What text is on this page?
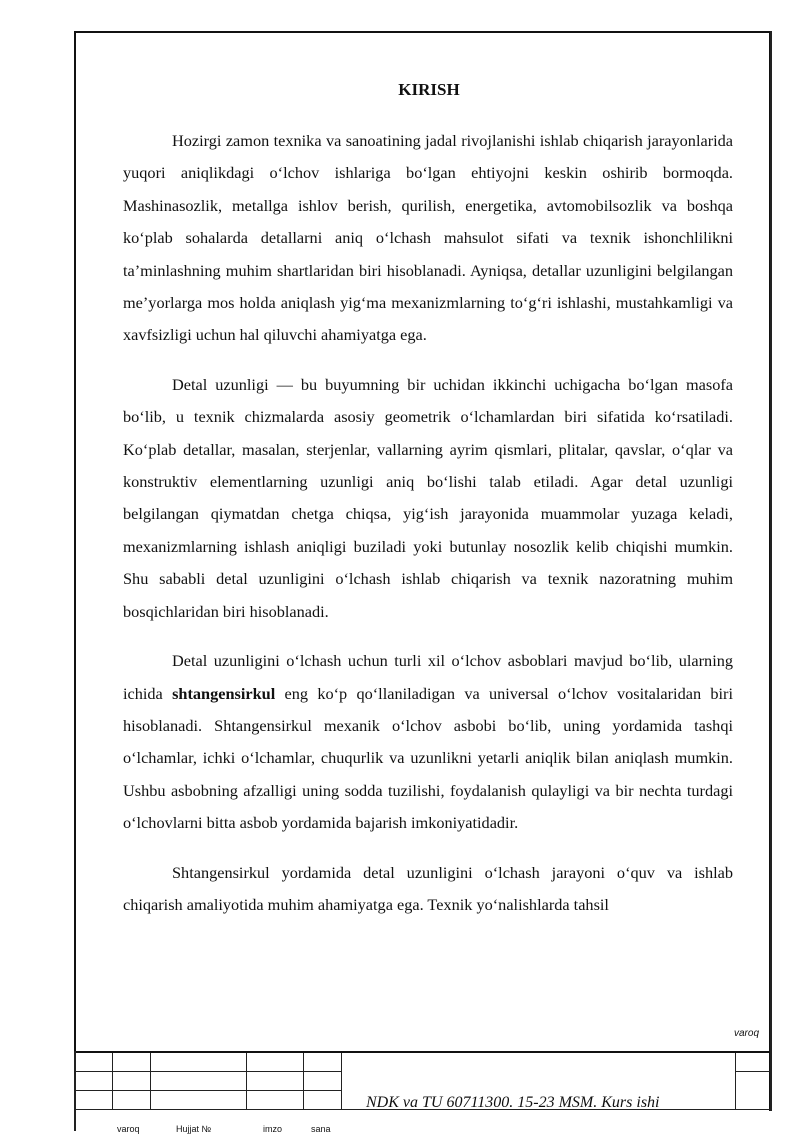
KIRISH

Hozirgi zamon texnika va sanoatining jadal rivojlanishi ishlab chiqarish jarayonlarida yuqori aniqlikdagi o‘lchov ishlariga bo‘lgan ehtiyojni keskin oshirib bormoqda. Mashinasozlik, metallga ishlov berish, qurilish, energetika, avtomobilsozlik va boshqa ko‘plab sohalarda detallarni aniq o‘lchash mahsulot sifati va texnik ishonchlilikni ta’minlashning muhim shartlaridan biri hisoblanadi. Ayniqsa, detallar uzunligini belgilangan me’yorlarga mos holda aniqlash yig‘ma mexanizmlarning to‘g‘ri ishlashi, mustahkamligi va xavfsizligi uchun hal qiluvchi ahamiyatga ega.

Detal uzunligi — bu buyumning bir uchidan ikkinchi uchigacha bo‘lgan masofa bo‘lib, u texnik chizmalarda asosiy geometrik o‘lchamlardan biri sifatida ko‘rsatiladi. Ko‘plab detallar, masalan, sterjenlar, vallarning ayrim qismlari, plitalar, qavslar, o‘qlar va konstruktiv elementlarning uzunligi aniq bo‘lishi talab etiladi. Agar detal uzunligi belgilangan qiymatdan chetga chiqsa, yig‘ish jarayonida muammolar yuzaga keladi, mexanizmlarning ishlash aniqligi buziladi yoki butunlay nosozlik kelib chiqishi mumkin. Shu sababli detal uzunligini o‘lchash ishlab chiqarish va texnik nazoratning muhim bosqichlaridan biri hisoblanadi.

Detal uzunligini o‘lchash uchun turli xil o‘lchov asboblari mavjud bo‘lib, ularning ichida shtangensirkul eng ko‘p qo‘llaniladigan va universal o‘lchov vositalaridan biri hisoblanadi. Shtangensirkul mexanik o‘lchov asbobi bo‘lib, uning yordamida tashqi o‘lchamlar, ichki o‘lchamlar, chuqurlik va uzunlikni yetarli aniqlik bilan aniqlash mumkin. Ushbu asbobning afzalligi uning sodda tuzilishi, foydalanish qulayligi va bir nechta turdagi o‘lchovlarni bitta asbob yordamida bajarish imkoniyatidadir.

Shtangensirkul yordamida detal uzunligini o‘lchash jarayoni o‘quv va ishlab chiqarish amaliyotida muhim ahamiyatga ega. Texnik yo‘nalishlarda tahsil

varoq
NDK va TU 60711300. 15-23 MSM. Kurs ishi
varoq	Hujjat №	imzo	sana
